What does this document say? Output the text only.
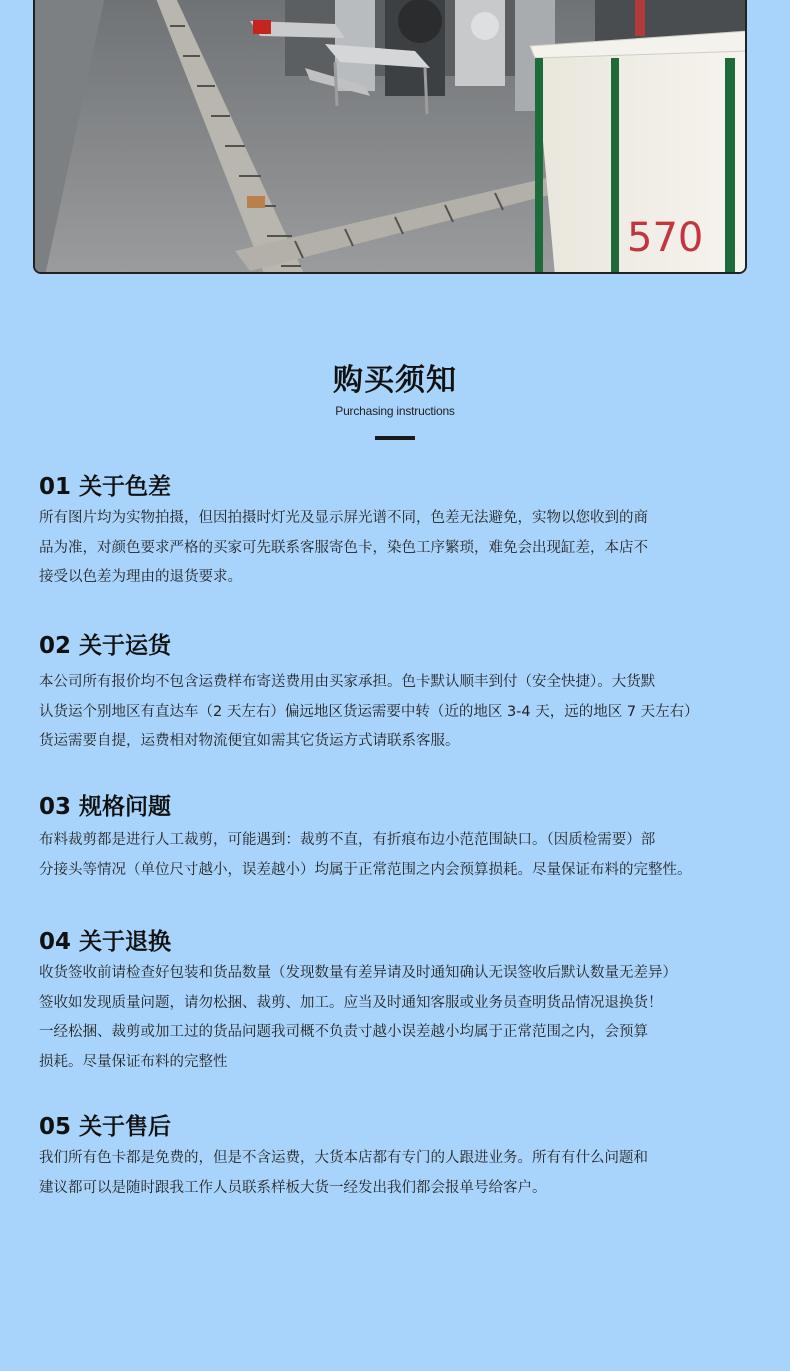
570
购买须知
Purchasing instructions
01 关于色差

所有图片均为实物拍摄，但因拍摄时灯光及显示屏光谱不同，色差无法避免，实物以您收到的商

品为准，对颜色要求严格的买家可先联系客服寄色卡，染色工序繁琐，难免会出现缸差，本店不

接受以色差为理由的退货要求。

02 关于运货

本公司所有报价均不包含运费样布寄送费用由买家承担。色卡默认顺丰到付（安全快捷）。大货默

认货运个别地区有直达车（2 天左右）偏远地区货运需要中转（近的地区 3-4 天，远的地区 7 天左右）

货运需要自提，运费相对物流便宜如需其它货运方式请联系客服。

03 规格问题

布料裁剪都是进行人工裁剪，可能遇到：裁剪不直，有折痕布边小范范围缺口。（因质检需要）部

分接头等情况（单位尺寸越小，误差越小）均属于正常范围之内会预算损耗。尽量保证布料的完整性。

04 关于退换

收货签收前请检查好包装和货品数量（发现数量有差异请及时通知确认无误签收后默认数量无差异）

签收如发现质量问题，请勿松捆、裁剪、加工。应当及时通知客服或业务员查明货品情况退换货！

一经松捆、裁剪或加工过的货品问题我司概不负责寸越小误差越小均属于正常范围之内，会预算

损耗。尽量保证布料的完整性

05 关于售后

我们所有色卡都是免费的，但是不含运费，大货本店都有专门的人跟进业务。所有有什么问题和

建议都可以是随时跟我工作人员联系样板大货一经发出我们都会报单号给客户。
